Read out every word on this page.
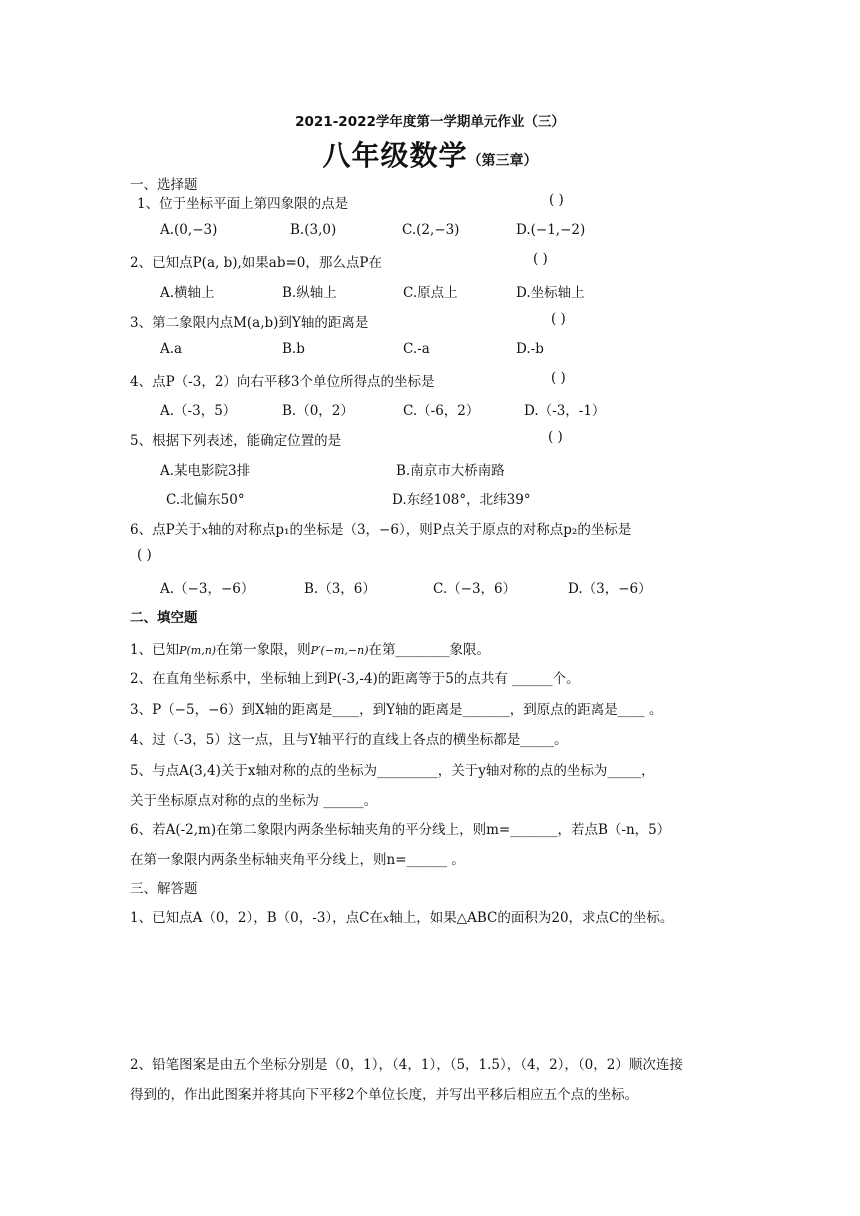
2021-2022学年度第一学期单元作业（三）
八年级数学（第三章）
一、选择题
1、位于坐标平面上第四象限的点是	( )
A.(0,−3)	B.(3,0)	C.(2,−3)	D.(−1,−2)
2、已知点P(a, b),如果ab=0，那么点P在	( )
A.横轴上	B.纵轴上	C.原点上	D.坐标轴上
3、第二象限内点M(a,b)到Y轴的距离是	( )
A.a	B.b	C.-a	D.-b
4、点P（-3，2）向右平移3个单位所得点的坐标是	( )
A.（-3，5）	B.（0，2）	C.（-6，2）	D.（-3，-1）
5、根据下列表述，能确定位置的是	( )
A.某电影院3排	B.南京市大桥南路
C.北偏东50°	D.东经108°，北纬39°
6、点P关于x轴的对称点p₁的坐标是（3，−6），则P点关于原点的对称点p₂的坐标是
( )
A.（−3，−6）	B.（3，6）	C.（−3，6）	D.（3，−6）
二、填空题
1、已知P(m,n)在第一象限，则P′(−m,−n)在第________象限。
2、在直角坐标系中，坐标轴上到P(-3,-4)的距离等于5的点共有 ______个。
3、P（−5，−6）到X轴的距离是____，到Y轴的距离是_______，到原点的距离是____ 。
4、过（-3，5）这一点，且与Y轴平行的直线上各点的横坐标都是_____。
5、与点A(3,4)关于x轴对称的点的坐标为_________，关于y轴对称的点的坐标为_____，
关于坐标原点对称的点的坐标为 ______。
6、若A(-2,m)在第二象限内两条坐标轴夹角的平分线上，则m=_______，若点B（-n，5）
在第一象限内两条坐标轴夹角平分线上，则n=______ 。
三、解答题
1、已知点A（0，2），B（0，-3），点C在x轴上，如果△ABC的面积为20，求点C的坐标。
2、铅笔图案是由五个坐标分别是（0，1），（4，1），（5，1.5），（4，2），（0，2）顺次连接
得到的，作出此图案并将其向下平移2个单位长度，并写出平移后相应五个点的坐标。
